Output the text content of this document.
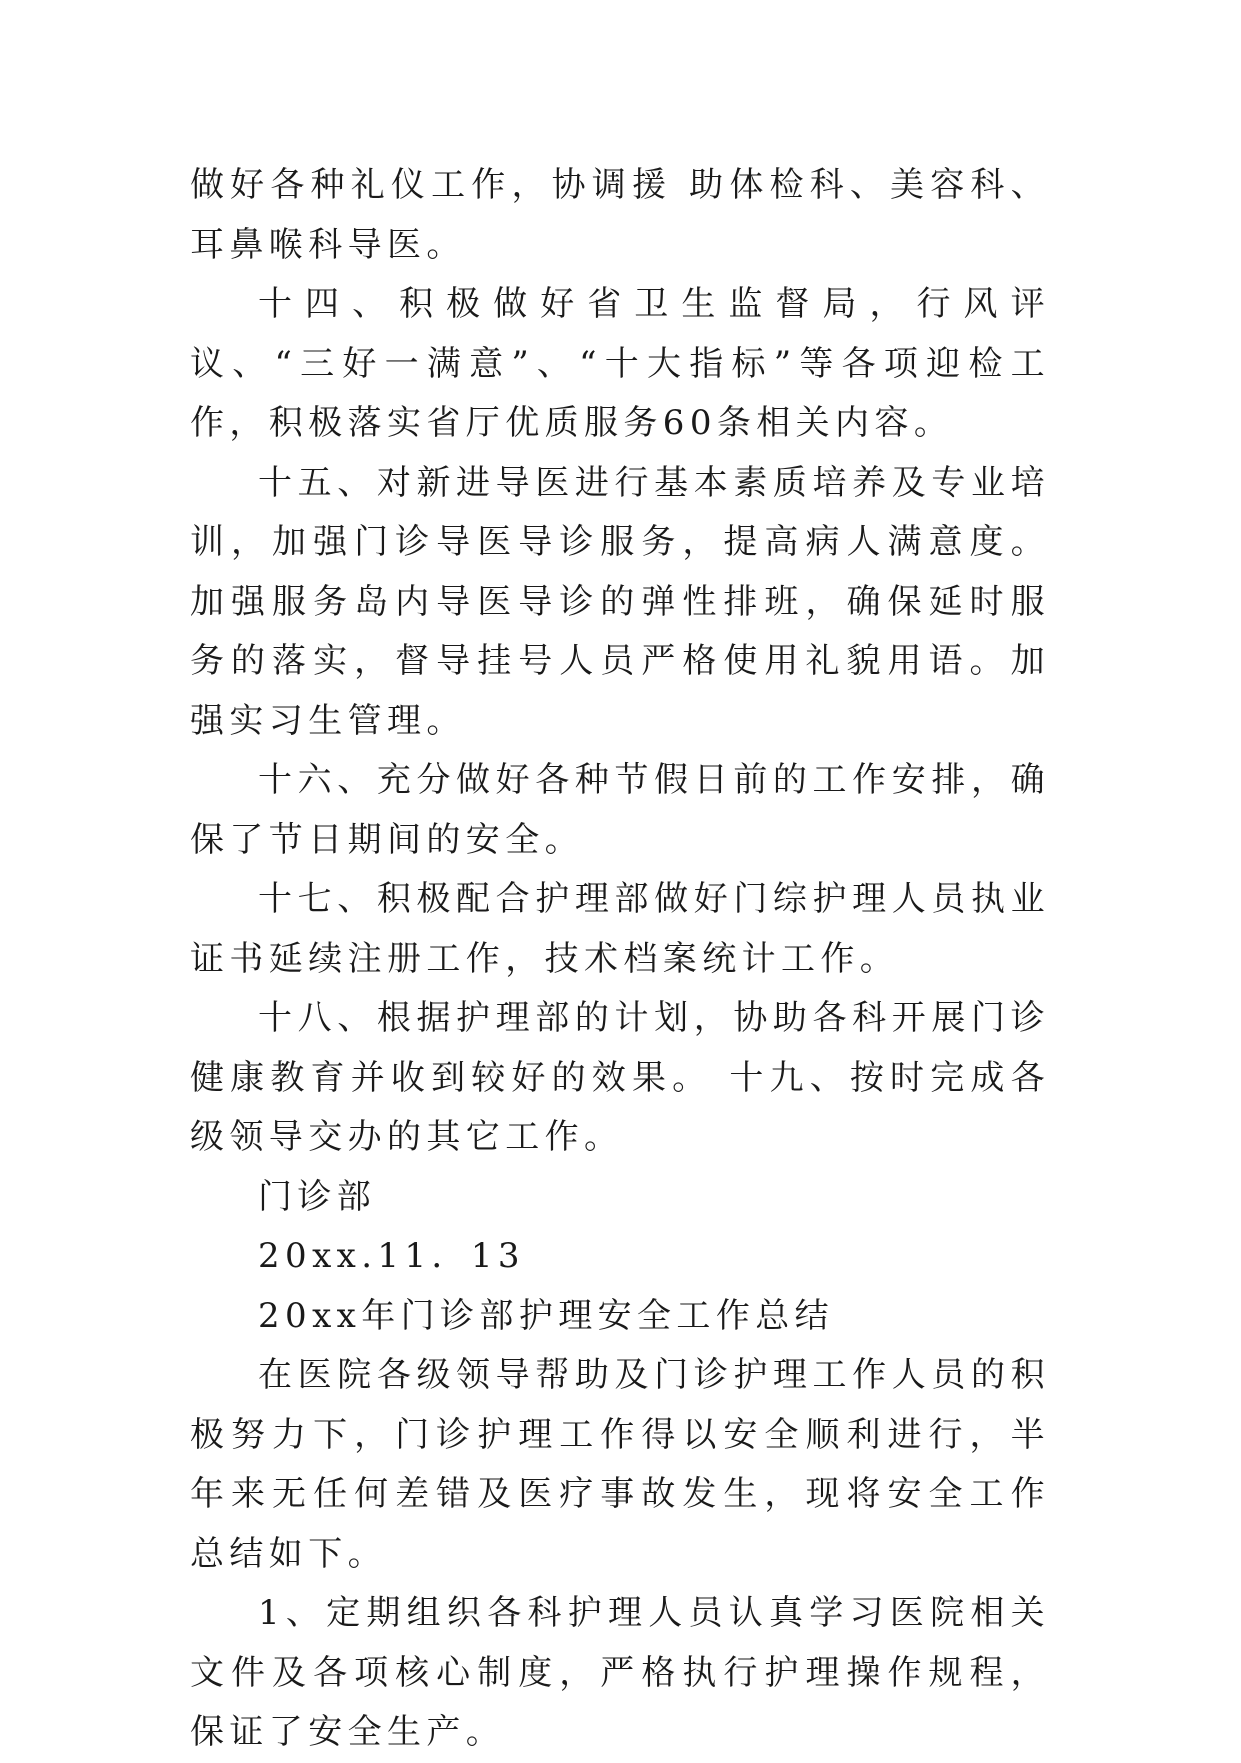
做好各种礼仪工作，协调援 助体检科、美容科、耳鼻喉科导医。

十四、积极做好省卫生监督局，行风评议、“三好一满意”、“十大指标”等各项迎检工作，积极落实省厅优质服务60条相关内容。

十五、对新进导医进行基本素质培养及专业培训，加强门诊导医导诊服务，提高病人满意度。加强服务岛内导医导诊的弹性排班，确保延时服务的落实，督导挂号人员严格使用礼貌用语。加强实习生管理。

十六、充分做好各种节假日前的工作安排，确保了节日期间的安全。

十七、积极配合护理部做好门综护理人员执业证书延续注册工作，技术档案统计工作。

十八、根据护理部的计划，协助各科开展门诊健康教育并收到较好的效果。 十九、按时完成各级领导交办的其它工作。

门诊部

20xx.11．13

20xx年门诊部护理安全工作总结

在医院各级领导帮助及门诊护理工作人员的积极努力下，门诊护理工作得以安全顺利进行，半年来无任何差错及医疗事故发生，现将安全工作总结如下。

1、定期组织各科护理人员认真学习医院相关文件及各项核心制度，严格执行护理操作规程，保证了安全生产。
